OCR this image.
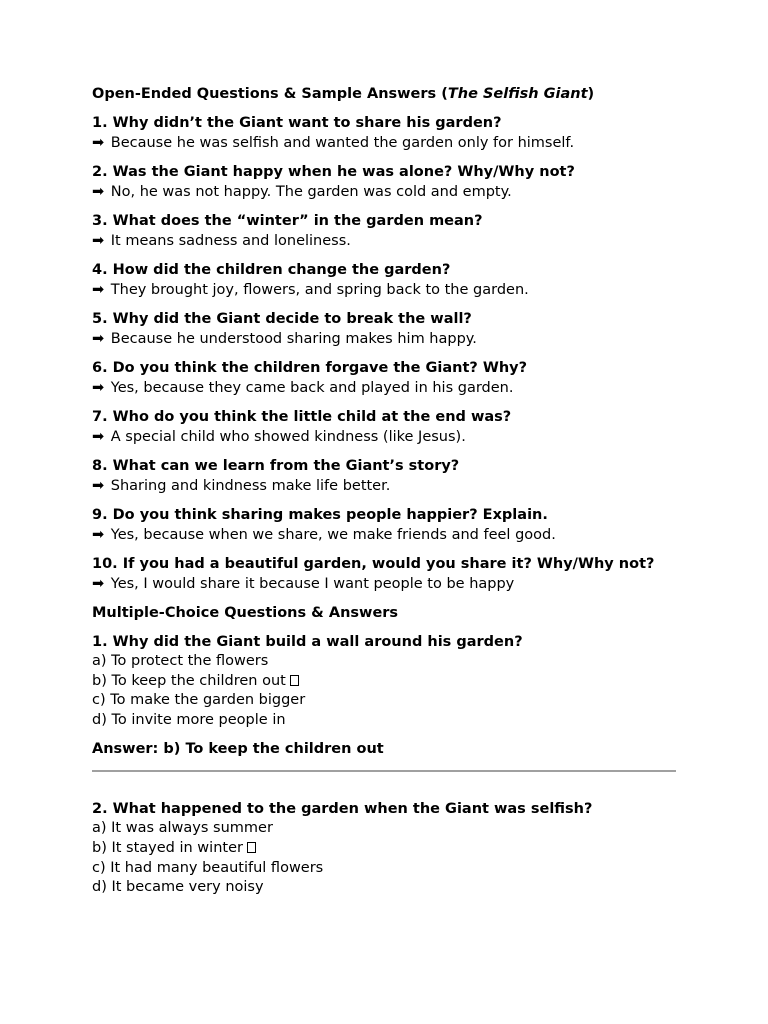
Open-Ended Questions & Sample Answers (The Selfish Giant)
1. Why didn’t the Giant want to share his garden?
➡ Because he was selfish and wanted the garden only for himself.
2. Was the Giant happy when he was alone? Why/Why not?
➡ No, he was not happy. The garden was cold and empty.
3. What does the “winter” in the garden mean?
➡ It means sadness and loneliness.
4. How did the children change the garden?
➡ They brought joy, flowers, and spring back to the garden.
5. Why did the Giant decide to break the wall?
➡ Because he understood sharing makes him happy.
6. Do you think the children forgave the Giant? Why?
➡ Yes, because they came back and played in his garden.
7. Who do you think the little child at the end was?
➡ A special child who showed kindness (like Jesus).
8. What can we learn from the Giant’s story?
➡ Sharing and kindness make life better.
9. Do you think sharing makes people happier? Explain.
➡ Yes, because when we share, we make friends and feel good.
10. If you had a beautiful garden, would you share it? Why/Why not?
➡ Yes, I would share it because I want people to be happy
Multiple-Choice Questions & Answers
1. Why did the Giant build a wall around his garden?
a) To protect the flowers
b) To keep the children out
c) To make the garden bigger
d) To invite more people in
Answer: b) To keep the children out
2. What happened to the garden when the Giant was selfish?
a) It was always summer
b) It stayed in winter
c) It had many beautiful flowers
d) It became very noisy
